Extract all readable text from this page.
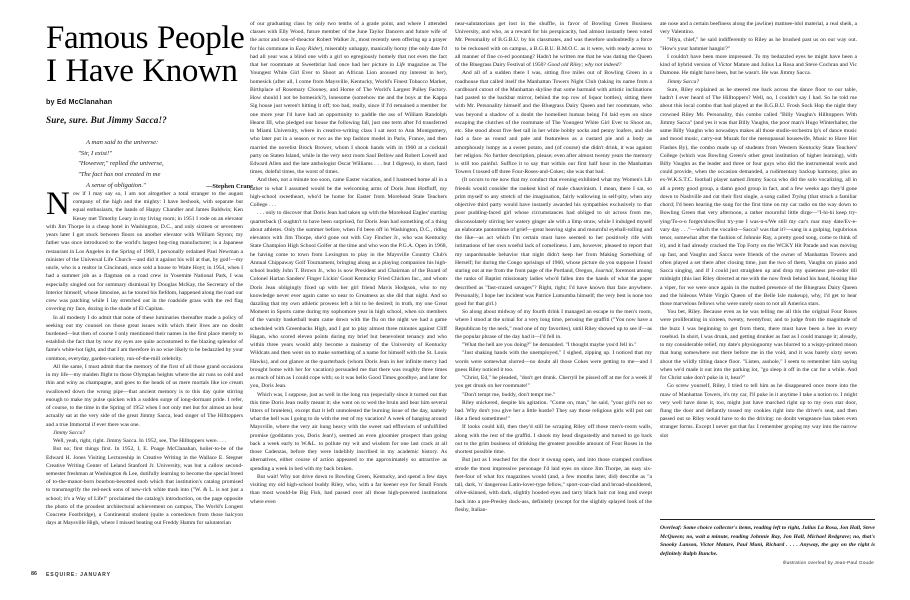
Famous People
I Have Known
by Ed McClanahan
Sure, sure. But Jimmy Sacca!?
A man said to the universe:
"Sir, I exist!"
"However," replied the universe,
"The fact has not created in me
A sense of obligation."	—Stephen Crane

Now if I may say so, I am not altogether a total stranger to the august company of the high and the mighty: I have beshook, with separate but equal enthusiasm, the hands of Happy Chandler and James Baldwin; Ken Kesey met Timothy Leary in my living room; in 1951 I rode on an elevator with Jim Thorpe in a cheap hotel in Washington, D.C., and only sixteen or seventeen years later I got stuck between floors on another elevator with William Styron; my father was once introduced to the world's largest hog-ring manufacturer; is a Japanese restaurant in Los Angeles in the Spring of 1969, I personally ordained Paul Newman a minister of the Universal Life Church—and did it against his will at that, by god!—my uncle, who is a realtor in Cincinnati, once sold a house to Waite Hoyt; in 1954, when I had a summer job as a flagman on a road crew in Yosemite National Park, I was especially singled out for summary dismissal by Douglas McKay, the Secretary of the Interior himself, whose limosine, as he toured his fiefdom, happened along the road our crew was patching while I lay stretched out in the roadside grass with the red flag covering my face, dozing in the shade of El Capitan.

In all modesty I do admit that none of these luminaries thereafter made a policy of seeking out my counsel on those great issues with which their lives are no doubt burdened—but then of course I only mentioned their names in the first place merely to establish the fact that by now my eyes are quite accustomed to the blazing splendor of fame's white-hot light, and that I am therefore in no wise likely to be bedazzled by your common, everyday, garden-variety, run-of-the-mill celebrity.

All the same, I must admit that the memory of the first of all those grand occasions in my life—my maiden flight to those Olympian heights where the air runs so cold and thin and winy as champagne, and goes to the heads of us mere mortals like ice cream swallowed down the wrong pipe—that ancient memory is to this day quite stirring enough to make my pulse quicken with a sudden surge of long-dormant pride. I refer, of course, to the time in the Spring of 1952 when I not only met but for almost an hour actually sat at the very side of the great Jimmy Sacca, lead singer of The Hilltoppers and a true Immortal if ever there was one.

Jimmy Sacca?

Well, yeah, right, right. Jimmy Sacca. In 1952, see, The Hilltoppers were. . . .

But no; first things first. In 1952, I, E. Poage McClanahan, holier-to-be of the Edward H. Jones Visiting Lectureship in Creative Writing in the Wallace E. Stegner Creative Writing Center of Leland Stanford Jr. University, was but a callow second-semester freshman at Washington & Lee, dutifully learning to become the special breed of to-the-manor-born bourbon-besotted snob which that institution's catalog promised to transmogrify the red-neck sons of new-rich white trash into ("W. & L. is not just a school; it's a Way of Life!" proclaimed the catalog's introduction, on the page opposite the photo of the proudest architectural achievement on campus, The World's Longest Concrete Footbridge), a Continental student (quite a comedown from those halcyon days at Maysville High, where I missed beating out Freddy Hamm for salutatorian

of our graduating class by only two tenths of a grade point, and where I attended classes with Elly Wood, future member of the June Taylor Dancers and future wife of the actor and son-of-theactor Robert Walker Jr., most recently seen offering up a prayer for his commune in Easy Rider), miserably unhappy, manically horny (the only date I'd had all year was a blind one with a girl so egregiously homely that not even the fact that her roommate at Sweetbriar had once had her picture in Life magazine as The Youngest White Girl Ever to Shoot an African Lion aroused my interest in her), homesick (after all, I come from Maysville, Kentucky, World's Finest Tobacco Market, Birthplace of Rosemary Clooney, and Home of The World's Largest Pulley Factory. How should I not be homesick?), lonesome (somehow me and the boys at the Kappa Sig house just weren't hitting it off; too bad, really, since if I'd remained a member for one more year I'd have had an opportunity to paddle the ass of William Randolph Hearst III, who pledged our house the following fall, just one term after I'd transferred to Miami University, where in creative-writing class I sat next to Ann Montgomery, who later put in a season or two as the top fashion model in Paris, France, and then married the novelist Brock Brower, whom I shook hands with in 1960 at a cocktail party on Staten Island, while in the very next room Saul Bellow and Robert Lowell and Edward Allen and the late anthologist Oscar Williams . . . but I digress), in short, hard times, doleful times, the worst of times.

And then, not a minute too soon, came Easter vacation, and I hastened home all in a lather to what I assumed would be the welcoming arms of Doris Jean Hotfluff, my high-school sweetheart, who'd be home for Easter from Morehead State Teachers College . . .

. . . only to discover that Doris Jean had taken up with the Morehead Eagles' starting quarterback (I oughtn't to have been surprised, for Doris Jean had something of a thing about athletes. Only the summer before, when I'd been off in Washington, D.C., riding elevators with Jim Thorpe, she'd gone out with Coy Fincher Jr., who was Kentucky State Champion High School Golfer at the time and who won the P.G.A. Open in 1968, he having come to town from Lexington to play in the Maysville Country Club's Annual Chippaway Golf Tournament, bringing along as a playing companion his high-school buddy John T. Brown Jr., who is now President and Chairman of the Board of Colonel Harlan Sanders' Finger Lickin' Good Kentucky Fried Chicken Inc., and whom Doris Jean obligingly fixed up with her girl friend Mavis Hodgson, who to my knowledge never ever again came so near to Greatness as she did that night. And so dazzling that my own athletic prowess left a bit to be desired; in truth, my one Great Moment in Sports came during my sophomore year in high school, when six members of the varsity basketball team came down with the flu on the night we had a game scheduled with Greenbacks High, and I got to play almost three minutes against Cliff Hagan, who scored eleven points during my brief but benevolent tenancy and who within three years would ably become a mainstay of the University of Kentucky Wildcats and then went on to make something of a name for himself with the St. Louis Hawks), and out glance at the quarterback (whom Doris Jean in her infinite mercy had brought home with her for vacation) persuaded me that there was roughly three times as much of him as I could cope with; so it was hello Good Times goodbye, and later for you, Doris Jean.

Which was, I suppose, just as well in the long run (especially since it turned out that this time Doris Jean really meant it; she went on to wed the bruin and bear him several litters of brutelets), except that it left unmolested the burning issue of the day, namely what the hell was I going to do with the rest of my vacation? A week of hanging around Maysville, where the very air hung heavy with the sweet sad effluvium of unfulfilled promise (goddamn you, Doris Jean!), seemed an even gloomier prospect than going back a week early to W.&L. to pollute my wit and wisdom for one last crack at all those Cadenzas, before they were indelibly inscribed in my academic history. As alternatives, either course of action appeared to me approximately so attractive as spending a week in bed with my back broken.

But wait! Why not drive down to Bowling Green, Kentucky, and spend a few days visiting my old high-school buddy Riley, who, with a far keener eye for Small Fonds than most would-be Big Fish, had passed over all those high-powered institutions where even

near-salutatorians get lost in the shuffle, in favor of Bowling Green Business University, and who, as a reward for his perspicacity, had almost instantly been voted Mr. Personality of B.G.B.U. by his classmates, and was therefore undoubtedly a force to be reckoned with on campus, a B.G.B.U. B.M.O.C. as it were, with ready access to all manner of fine co-ed poontang? Hadn't he written me that he was dating the Queen of the Bluegrass Dairy Festival of 1950? Good old Riley; why not indeed?

And all of a sudden there I was, sitting five miles out of Bowling Green in a roadhouse that called itself the Manhattan Towers Night Club (taking its name from a cardboard cutout of the Manhattan skyline that some barmaid with artistic inclinations had pasted to the backbar mirror, behind the top row of liquor bottles), sitting there with Mr. Personality himself and the Bluegrass Dairy Queen and her roommate, who was beyond a shadow of a doubt the homeliest human being I'd laid eyes on since escaping the clutches of the roommate of The Youngest White Girl Ever to Shoot an, etc. She stood about five feet tall in her white bobby socks and penny loafers, and she had a face as round and pale and featureless as a custard pie and a body as amorphously lumpy as a sweet potato, and (of course) she didn't drink, it was against her religion. No further description, please; even after almost twenty years the memory is still too painful. Suffice it to say that within our first half hour in the Manhattan Towers I tossed off three Four-Roses-and-Cokes; she was that bad.

(It occurs to me now that my conduct that evening exhibited what my Women's Lib friends would consider the rankest kind of male chauvinism. I mean, there I sat, so prim myself to any stretch of the imagination, fairly wallowing in self-pity, when any objective third party would have instantly awarded his sympathies exclusively to that poor pudding-faced girl whose circumstances had obliged to sit across from me, disconsolately stirring her watery ginger ale with a limp straw, while I indulged myself an elaborate pantomime of grief—great heaving sighs and mournful eyeball-rolling and the like—as act which I'm certain must have seemed to her positively rife with intimations of her own woeful lack of comeliness. I am, however, pleased to report that my unpardonable behavior that night didn't keep her from Making Something of Herself; for during the Congo uprisings of 1960, whose picture do you suppose I found staring out at me from the front page of the Portland, Oregon, Journal, foremost among the ranks of Baptist missionary ladies who'd fallen into the hands of what the paper described as "fast-crazed savages"? Right, right; I'd have known that face anywhere. Personally, I hope her incident was Patrice Lumumba himself; the very best is none too good for that girl.)

So along about midway of my fourth drink I managed an escape to the men's room, where I stood at the urinal for a very long time, perusing the graffiti ("You now have a Republican by the neck," read one of my favorites), until Riley showed up to see if—as the popular phrase of the day had it—I'd fell in.

"What the hell are you doing?" he demanded. "I thought maybe you'd fell in."

"Just shaking hands with the unemployed," I sighed, zipping up. I noticed that my words were somewhat slurred—no doubt all those Cokes were getting to me—and I guess Riley noticed it too.

"Christ, Ed," he pleaded, "don't get drunk. Cherryll be pissed off at me for a week if you get drunk on her roommate!"

"Don't tempt me, buddy, don't tempt me."

Riley snickered, despite his agitation. "Come on, man," he said, "your girl's not so bad. Why don't you give her a little hustle? They say those religious girls will put out like a fiend sometimes!"

If looks could kill, then they'd still be scraping Riley off those men's-room walls, along with the rest of the graffiti. I shook my head disgustedly and turned to go back out to the grim business of drinking the greatest possible amount of Four Roses in the shortest possible time.

But just as I reached for the door it swung open, and into those cramped confines strode the most impressive personage I'd laid eyes on since Jim Thorpe, an easy six-feet-four of what fox magazines would (and, a few months later, did) describe as "a tall, dark, 'n' dangerous Latin-lover-type fellow," sport-coat-clad and broad-shouldered, olive-skinned, with dark, slightly hooded eyes and tarry black hair cut long and swept back into a pre-Presley duck-ass, definitely (except for the slightly splayed look of the fleshy, Italian-

ate nose and a certain beefiness along the jawline) matinee-idol material, a real sheik, a very Valentino.

"Hiya, chief," he said indifferently to Riley as he brushed past us on our way out. "How's your hammer hangin'?"

I couldn't have been more impressed. To my bedazzled eyes he might have been a kind of hybrid version of Victor Mature and Julius La Rosa and Steve Cochran and Vic Damone. He might have been, but he wasn't. He was Jimmy Sacca.

Jimmy Sacca?

Sure, Riley explained as he steered me back across the dance floor to our table, hadn't I ever heard of The Hilltoppers? Well, no, I couldn't say I had. So he told me about this local combo that had played at the B.G.B.U. Frosh Sock Hop the night they crowned Riley Mr. Personality, this combo called "Billy Vaughn's Hilltoppers With Jimmy Sacca" (and yes it was that Billy Vaughn, the poor man's Hugo Winterhalter, the same Billy Vaughn who nowadays makes all those studio-orchestra lp's of dance music and mood music, carry-out Muzak for the menopausal housewife, Music to Have Hot Flashes By), the combo made up of students from Western Kentucky State Teachers' College (which was Bowling Green's other great institution of higher learning), with Billy Vaughn as the leader and three or four guys who did the instrumental work and could provide, when the occasion demanded, a rudimentary backup harmony, plus an ex-W.K.S.T.C. football player named Jimmy Sacca who did the solo vocalizing, all in all a pretty good group, a damn good group in fact, and a few weeks ago they'd gone down to Nashville and cut their first single, a song called Trying (that struck a familiar chord; I'd been hearing the song for the first time on my car radio on the way down to Bowling Green that very afternoon, a rather mournful little dirge—"I-hi-hi keep try-ying/To-o-o forget/show/But try-yne I was-n-s/We still my car's roar may date/Ev-e-vary day . . ."—which the vocalist—Sacca? was that it?—sang in a gulping, lugubrious tenor, somewhat after the fashion of Johnnie Ray, a pretty good song, come to think of it), and it had already cracked the Top Forty on the WCKY Hit Parade and was moving up fast, and Vaughn and Sacca were friends of the owner of Manhattan Towers and often played a set there after closing time, just the two of them, Vaughn on piano and Sacca singing, and if I could just straighten up and drop my quietness pre-order till midnight (this last Riley directed at me with the now fresh behind his hand, hissing like a viper, for we were once again in the malted presence of the Bluegrass Dairy Queen and the hideous White Virgin Queen of the Belle Isle makeup), why, I'd get to hear those marvelous fellows who were surely soon to not all America stars.

You bet, Riley. Because even as he was telling me all this the original Four Roses were proliferating in sixteen, twenty, twentyfour, and to judge from the magnitude of the buzz I was beginning to get from them, there must have been a bee in every rosebud. In short, I was drunk, and getting drunker as fast as I could manage it; already, to my considerable relief, my date's physiognomy was blurred to a wispy-printed moon that hung somewhere out there before me in the void, and it was barely sixty seven about the wildly tilting dance floor. "Listen, asshole," I seem to remember him saying when we'd made it out into the parking lot, "go sleep it off in the car for a while. And for Christ sake don't puke in it, hear?"

Go screw yourself, Riley, I tried to tell him as he disappeared once more into the maw of Manhattan Towers, it's my car, I'll puke in it anytime I take a notion to. I might very well have done it, too, might just have marched right up to my own star door, flung the door and defiantly tossed my cookies right into the driver's seat, and then passed out so Riley would have to do the driving: no doubt vengeance has taken even stranger forms. Except I never got that far. I remember groping my way into the narrow slot

Overleaf: Some choice collector's items, reading left to right, Julius La Rosa, Jon Hall, Steve McQueen; no, wait a minute, reading Johnnie Ray, Jon Hall, Michael Redgrave; no, that's Snooky Lanson, Victor Mature, Paul Muni, Richard . . . . Anyway, the guy on the right is definitely Ralph Bunche.
86 ESQUIRE: JANUARY
Illustration overleaf by Jean-Paul Goude
